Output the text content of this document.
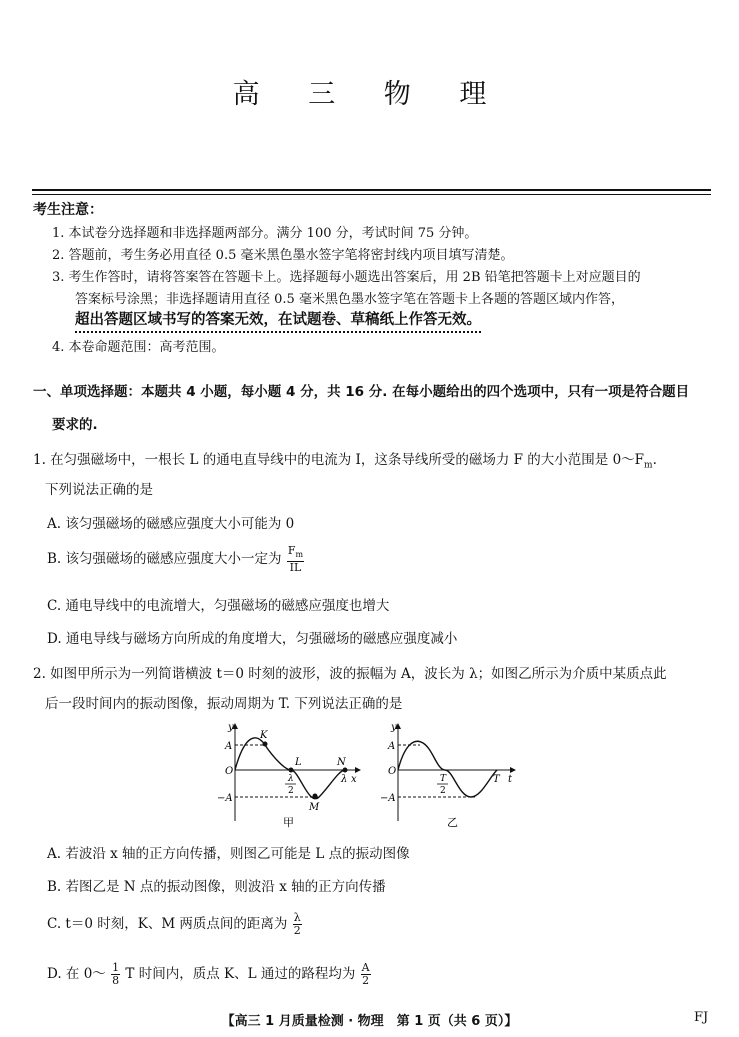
高 三 物 理
考生注意：
1. 本试卷分选择题和非选择题两部分。满分 100 分，考试时间 75 分钟。
2. 答题前，考生务必用直径 0.5 毫米黑色墨水签字笔将密封线内项目填写清楚。
3. 考生作答时，请将答案答在答题卡上。选择题每小题选出答案后，用 2B 铅笔把答题卡上对应题目的
答案标号涂黑；非选择题请用直径 0.5 毫米黑色墨水签字笔在答题卡上各题的答题区域内作答，
超出答题区域书写的答案无效，在试题卷、草稿纸上作答无效。
4. 本卷命题范围：高考范围。
一、单项选择题：本题共 4 小题，每小题 4 分，共 16 分. 在每小题给出的四个选项中，只有一项是符合题目
要求的.
1. 在匀强磁场中，一根长 L 的通电直导线中的电流为 I，这条导线所受的磁场力 F 的大小范围是 $0\sim F_m$.
下列说法正确的是
A. 该匀强磁场的磁感应强度大小可能为 0
B. 该匀强磁场的磁感应强度大小一定为 $\frac{F_m}{IL}$
C. 通电导线中的电流增大，匀强磁场的磁感应强度也增大
D. 通电导线与磁场方向所成的角度增大，匀强磁场的磁感应强度减小
2. 如图甲所示为一列简谐横波 t＝0 时刻的波形，波的振幅为 A，波长为 λ；如图乙所示为介质中某质点此
后一段时间内的振动图像，振动周期为 T. 下列说法正确的是
y
x
A
O
−A
K
L
M
N
λ
2
λ
甲
y
t
A
O
−A
T
2
T
乙
A. 若波沿 x 轴的正方向传播，则图乙可能是 L 点的振动图像
B. 若图乙是 N 点的振动图像，则波沿 x 轴的正方向传播
C. t＝0 时刻，K、M 两质点间的距离为 $\frac{\lambda}{2}$
D. 在 0～ $\frac{1}{8}$ T 时间内，质点 K、L 通过的路程均为 $\frac{A}{2}$
【高三 1 月质量检测 · 物理　第 1 页（共 6 页）】	FJ
